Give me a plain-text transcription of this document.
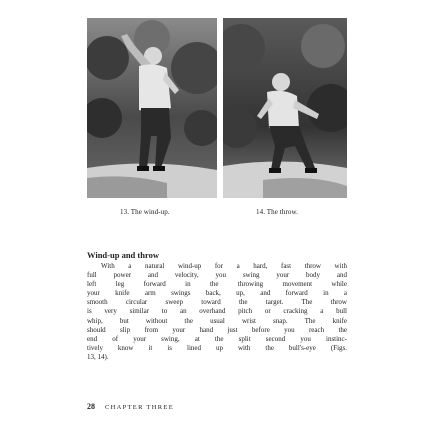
13. The wind-up.	14. The throw.
Wind-up and throw
With a natural wind-up for a hard, fast throw with
full power and velocity, you swing your body and
left leg forward in the throwing movement while
your knife arm swings back, up, and forward in a
smooth circular sweep toward the target. The throw
is very similar to an overhand pitch or cracking a bull
whip, but without the usual wrist snap. The knife
should slip from your hand just before you reach the
end of your swing, at the split second you instinc-
tively know it is lined up with the bull's-eye (Figs.
13, 14).
28 CHAPTER THREE
